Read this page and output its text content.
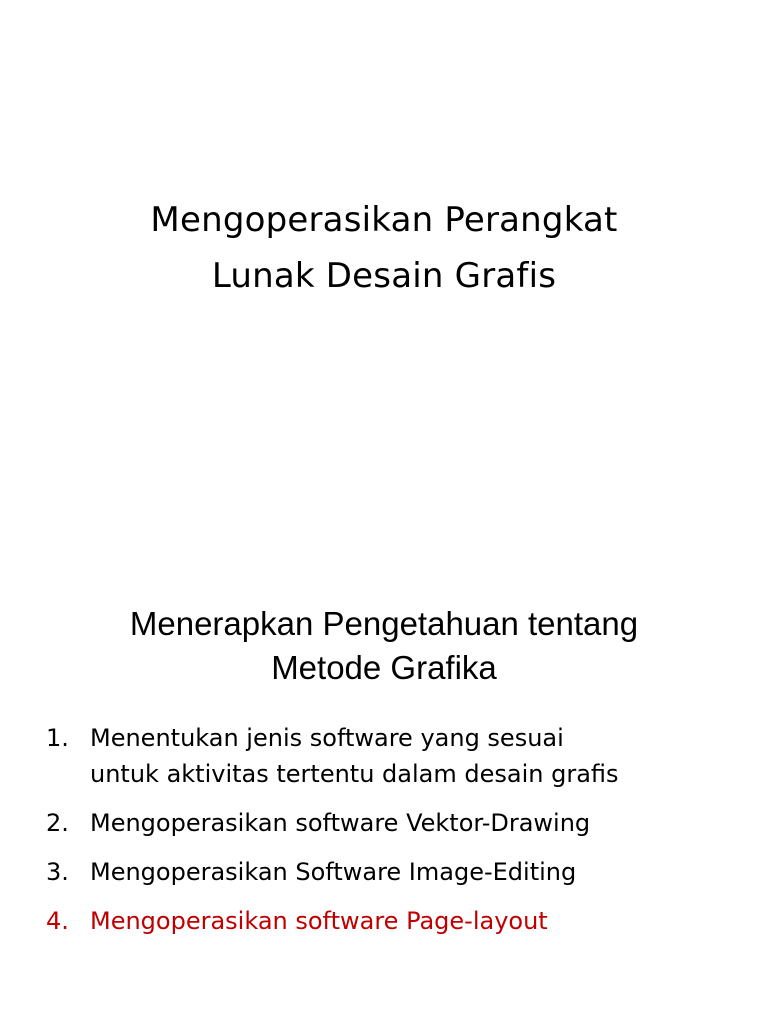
Mengoperasikan Perangkat
Lunak Desain Grafis
Menerapkan Pengetahuan tentang
Metode Grafika
1. Menentukan jenis software yang sesuai
untuk aktivitas tertentu dalam desain grafis
2. Mengoperasikan software Vektor-Drawing
3. Mengoperasikan Software Image-Editing
4. Mengoperasikan software Page-layout
